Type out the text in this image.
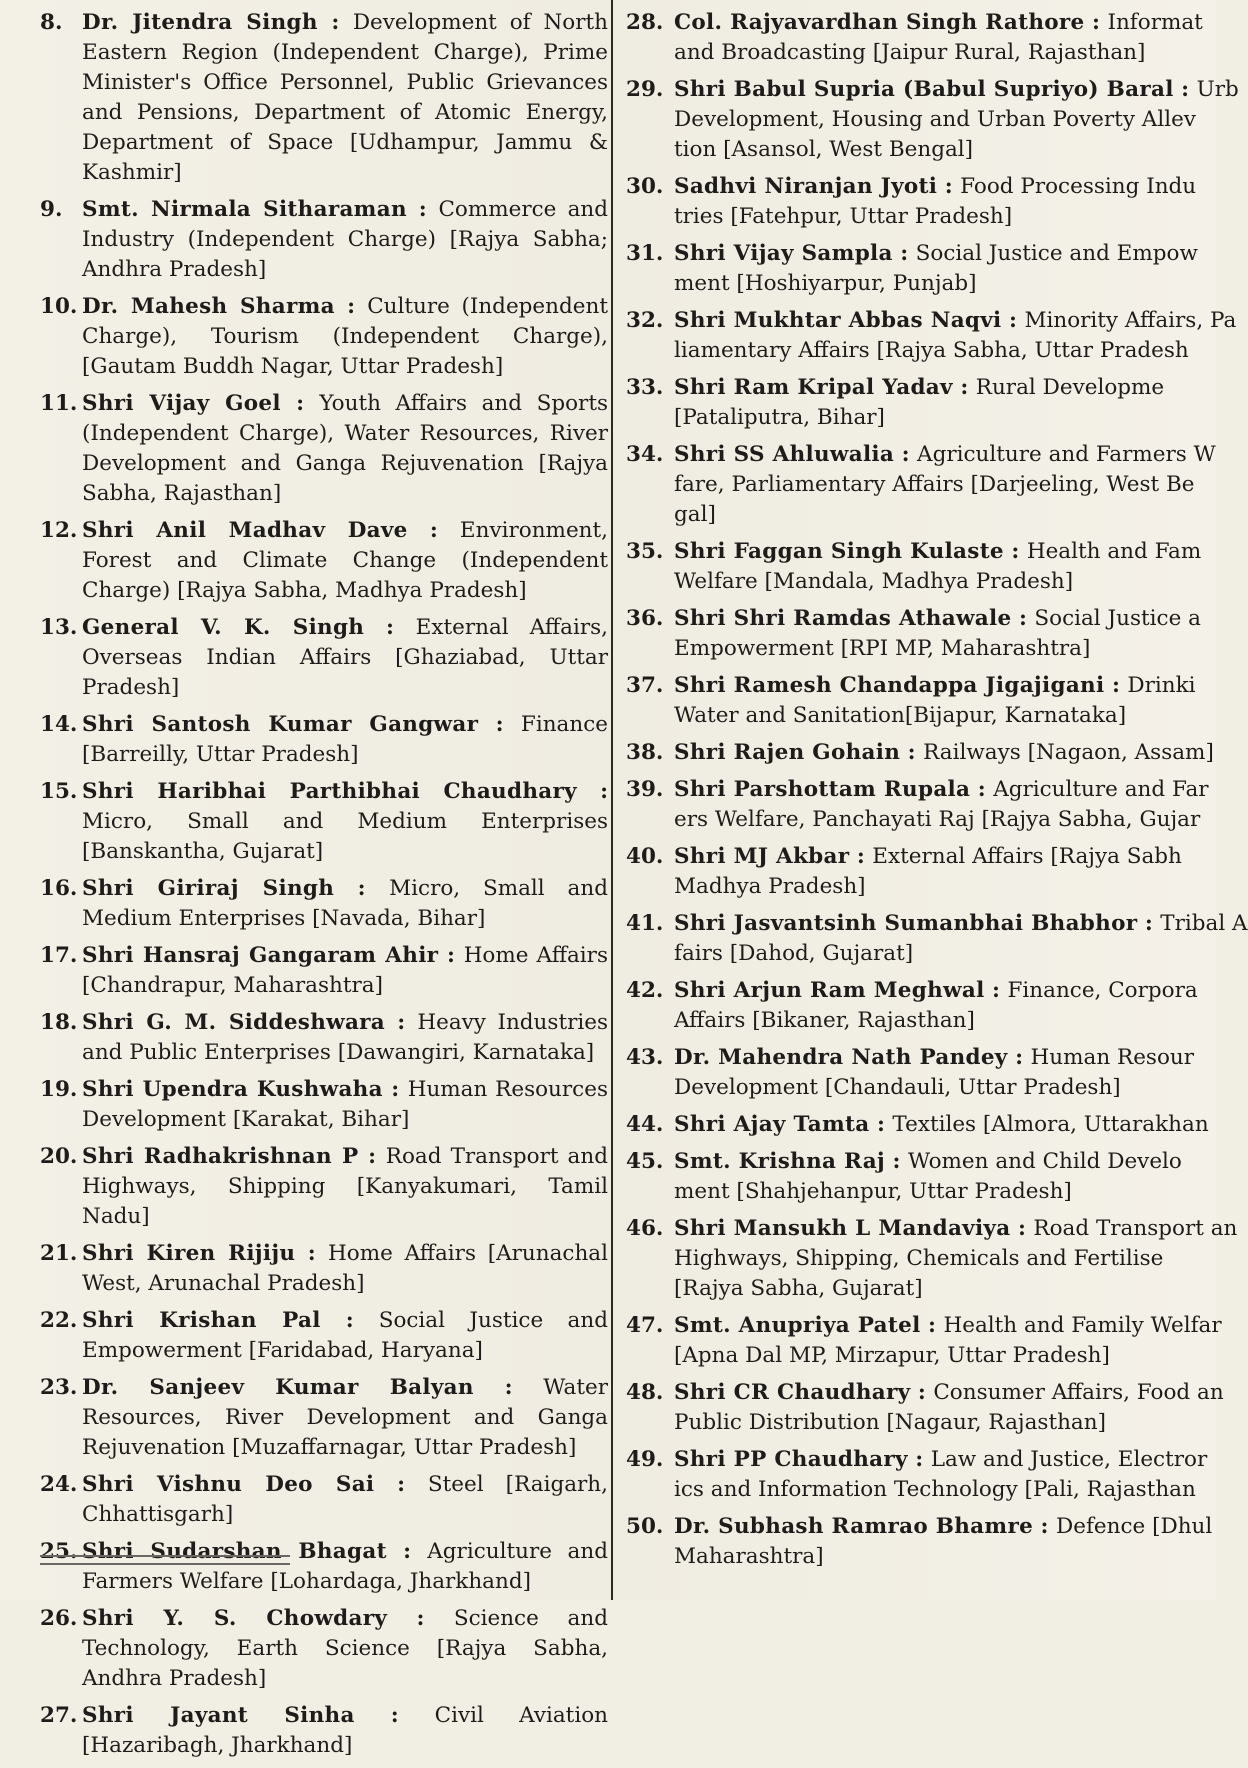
8. Dr. Jitendra Singh : Development of North Eastern Region (Independent Charge), Prime Minister's Office Personnel, Public Grievances and Pensions, Department of Atomic Energy, Department of Space [Udhampur, Jammu & Kashmir]
9. Smt. Nirmala Sitharaman : Commerce and Industry (Independent Charge) [Rajya Sabha; Andhra Pradesh]
10. Dr. Mahesh Sharma : Culture (Independent Charge), Tourism (Independent Charge), [Gautam Buddh Nagar, Uttar Pradesh]
11. Shri Vijay Goel : Youth Affairs and Sports (Independent Charge), Water Resources, River Development and Ganga Rejuvenation [Rajya Sabha, Rajasthan]
12. Shri Anil Madhav Dave : Environment, Forest and Climate Change (Independent Charge) [Rajya Sabha, Madhya Pradesh]
13. General V. K. Singh : External Affairs, Overseas Indian Affairs [Ghaziabad, Uttar Pradesh]
14. Shri Santosh Kumar Gangwar : Finance [Barreilly, Uttar Pradesh]
15. Shri Haribhai Parthibhai Chaudhary : Micro, Small and Medium Enterprises [Banskantha, Gujarat]
16. Shri Giriraj Singh : Micro, Small and Medium Enterprises [Navada, Bihar]
17. Shri Hansraj Gangaram Ahir : Home Affairs [Chandrapur, Maharashtra]
18. Shri G. M. Siddeshwara : Heavy Industries and Public Enterprises [Dawangiri, Karnataka]
19. Shri Upendra Kushwaha : Human Resources Development [Karakat, Bihar]
20. Shri Radhakrishnan P : Road Transport and Highways, Shipping [Kanyakumari, Tamil Nadu]
21. Shri Kiren Rijiju : Home Affairs [Arunachal West, Arunachal Pradesh]
22. Shri Krishan Pal : Social Justice and Empowerment [Faridabad, Haryana]
23. Dr. Sanjeev Kumar Balyan : Water Resources, River Development and Ganga Rejuvenation [Muzaffarnagar, Uttar Pradesh]
24. Shri Vishnu Deo Sai : Steel [Raigarh, Chhattisgarh]
25. Shri Sudarshan Bhagat : Agriculture and Farmers Welfare [Lohardaga, Jharkhand]
26. Shri Y. S. Chowdary : Science and Technology, Earth Science [Rajya Sabha, Andhra Pradesh]
27. Shri Jayant Sinha : Civil Aviation [Hazaribagh, Jharkhand]
28. Col. Rajyavardhan Singh Rathore : Informat
and Broadcasting [Jaipur Rural, Rajasthan]
29. Shri Babul Supria (Babul Supriyo) Baral : Urb
Development, Housing and Urban Poverty Allev
tion [Asansol, West Bengal]
30. Sadhvi Niranjan Jyoti : Food Processing Indu
tries [Fatehpur, Uttar Pradesh]
31. Shri Vijay Sampla : Social Justice and Empow
ment [Hoshiyarpur, Punjab]
32. Shri Mukhtar Abbas Naqvi : Minority Affairs, Pa
liamentary Affairs [Rajya Sabha, Uttar Pradesh
33. Shri Ram Kripal Yadav : Rural Developme
[Pataliputra, Bihar]
34. Shri SS Ahluwalia : Agriculture and Farmers W
fare, Parliamentary Affairs [Darjeeling, West Be
gal]
35. Shri Faggan Singh Kulaste : Health and Fam
Welfare [Mandala, Madhya Pradesh]
36. Shri Shri Ramdas Athawale : Social Justice a
Empowerment [RPI MP, Maharashtra]
37. Shri Ramesh Chandappa Jigajigani : Drinki
Water and Sanitation[Bijapur, Karnataka]
38. Shri Rajen Gohain : Railways [Nagaon, Assam]
39. Shri Parshottam Rupala : Agriculture and Far
ers Welfare, Panchayati Raj [Rajya Sabha, Gujar
40. Shri MJ Akbar : External Affairs [Rajya Sabh
Madhya Pradesh]
41. Shri Jasvantsinh Sumanbhai Bhabhor : Tribal A
fairs [Dahod, Gujarat]
42. Shri Arjun Ram Meghwal : Finance, Corpora
Affairs [Bikaner, Rajasthan]
43. Dr. Mahendra Nath Pandey : Human Resour
Development [Chandauli, Uttar Pradesh]
44. Shri Ajay Tamta : Textiles [Almora, Uttarakhan
45. Smt. Krishna Raj : Women and Child Develo
ment [Shahjehanpur, Uttar Pradesh]
46. Shri Mansukh L Mandaviya : Road Transport an
Highways, Shipping, Chemicals and Fertilise
[Rajya Sabha, Gujarat]
47. Smt. Anupriya Patel : Health and Family Welfar
[Apna Dal MP, Mirzapur, Uttar Pradesh]
48. Shri CR Chaudhary : Consumer Affairs, Food an
Public Distribution [Nagaur, Rajasthan]
49. Shri PP Chaudhary : Law and Justice, Electror
ics and Information Technology [Pali, Rajasthan
50. Dr. Subhash Ramrao Bhamre : Defence [Dhul
Maharashtra]
